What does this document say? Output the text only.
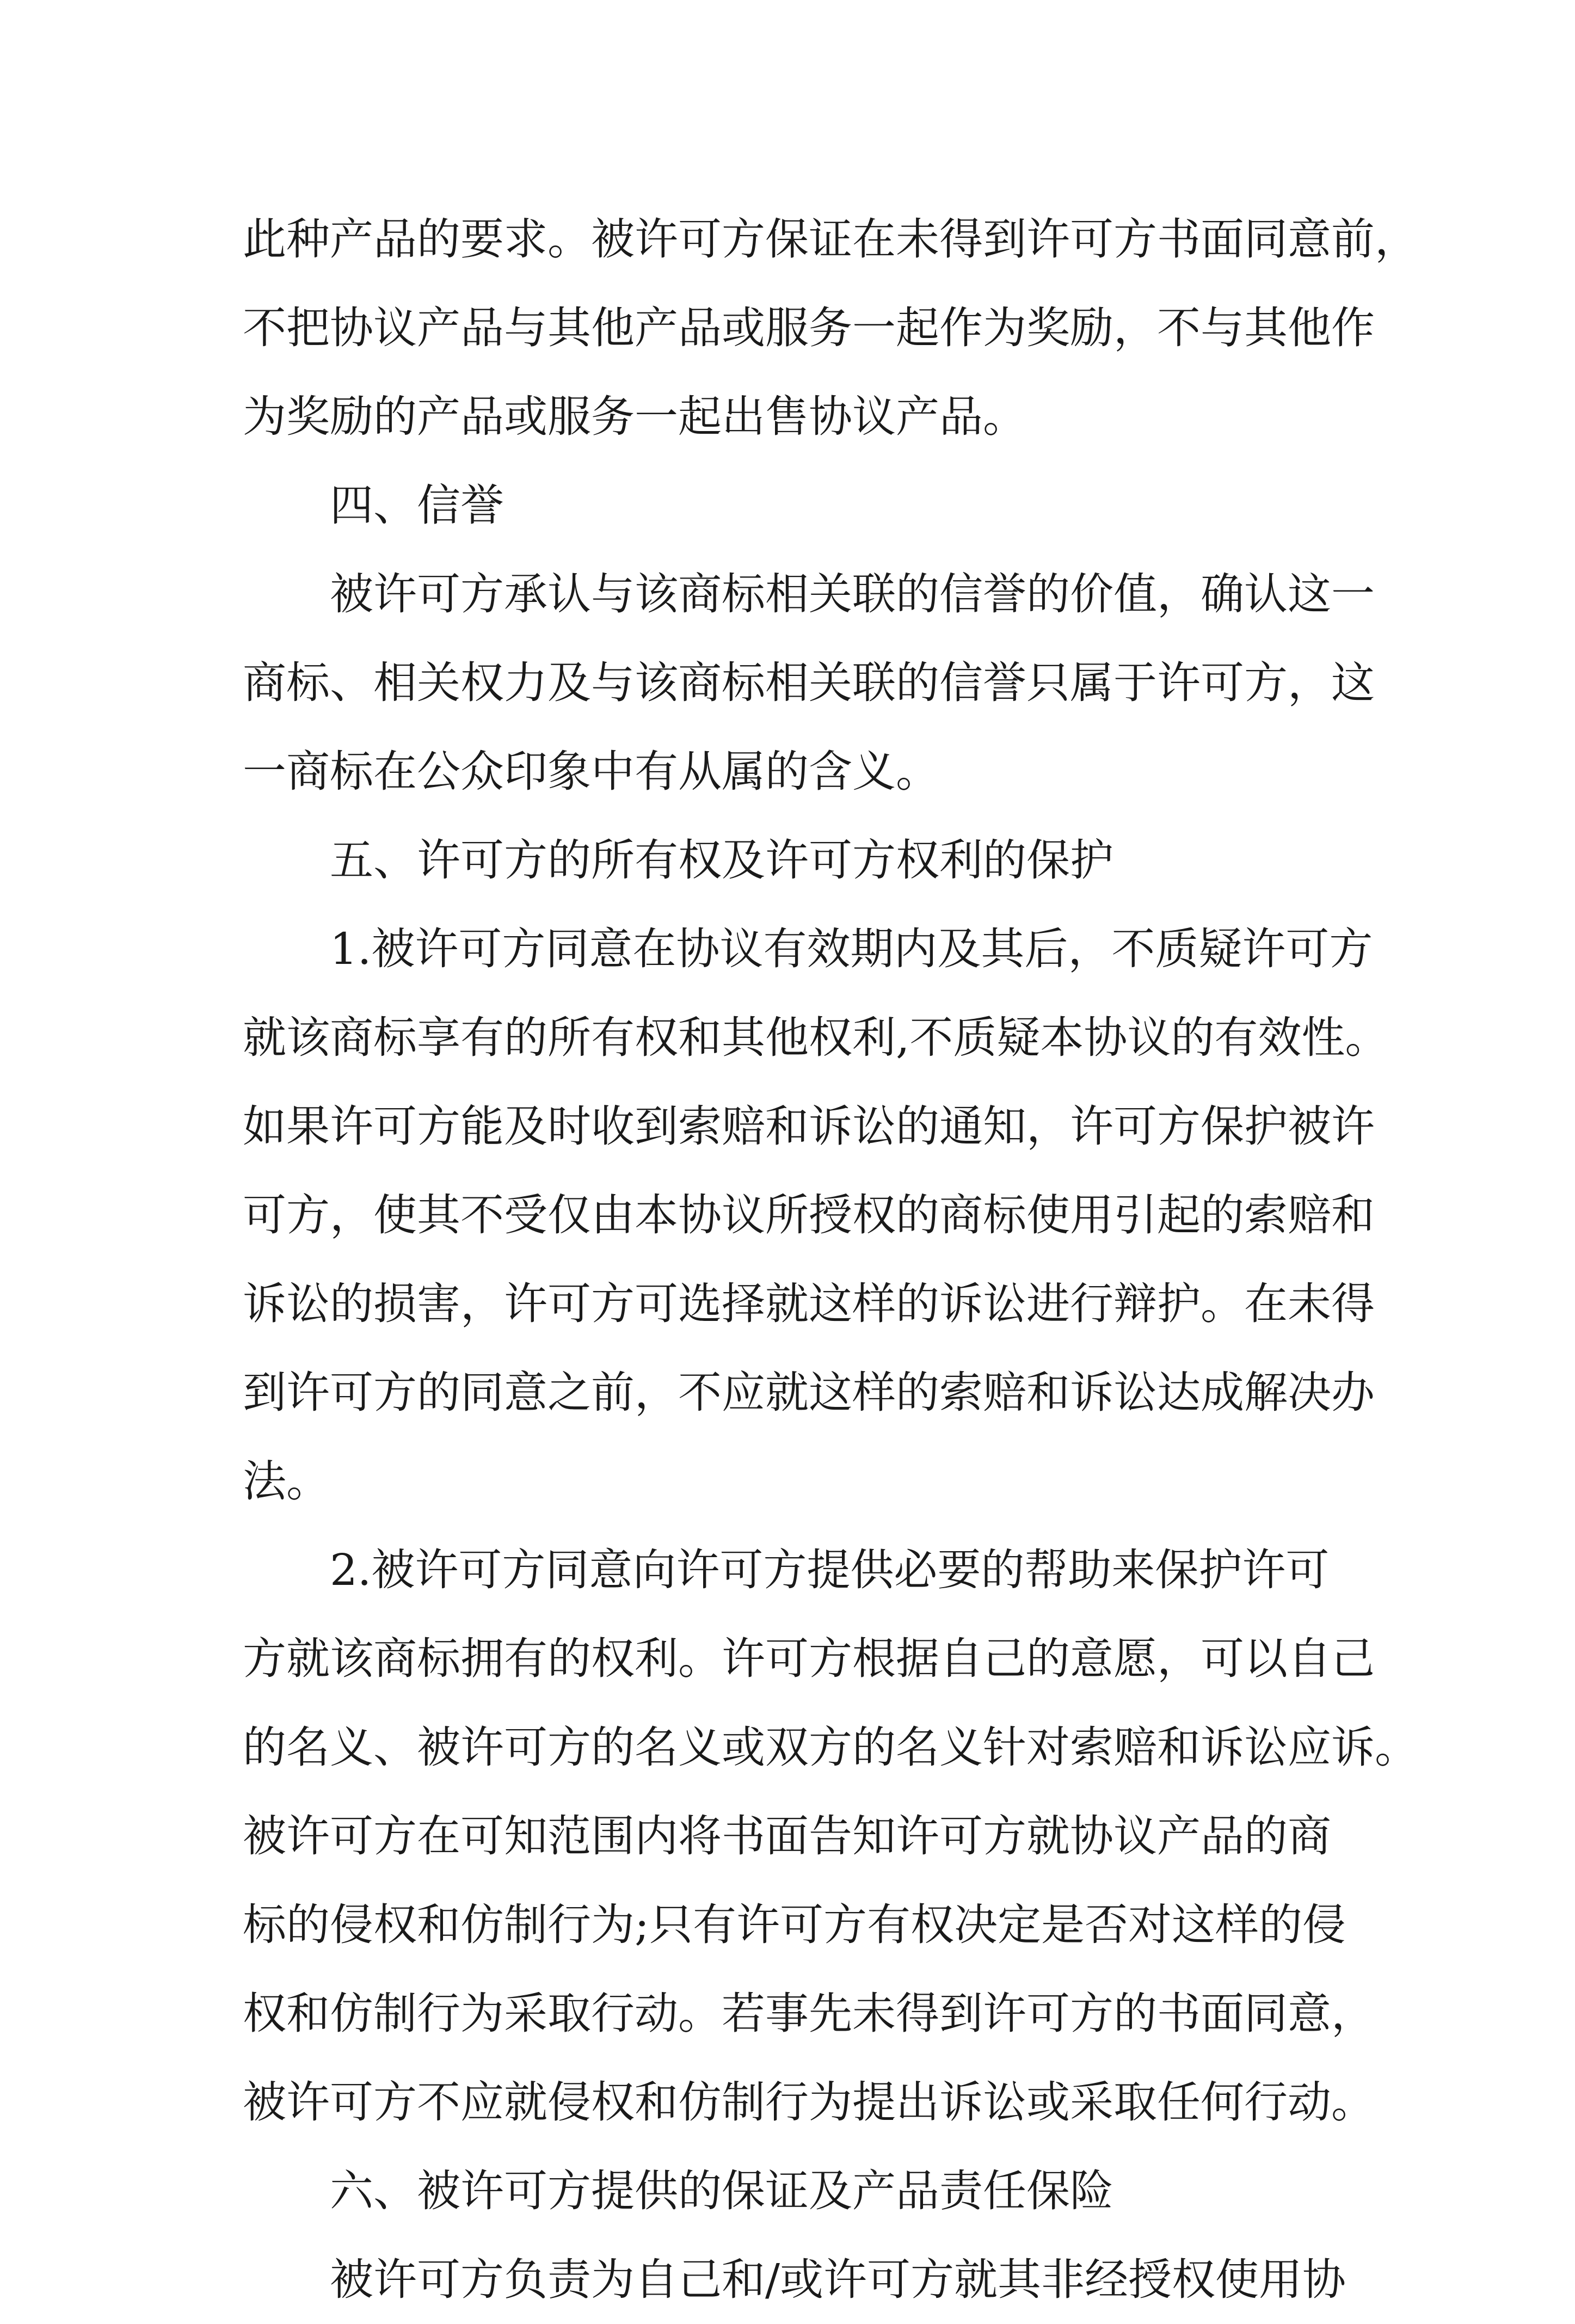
此种产品的要求。被许可方保证在未得到许可方书面同意前，
不把协议产品与其他产品或服务一起作为奖励，不与其他作
为奖励的产品或服务一起出售协议产品。
四、信誉
被许可方承认与该商标相关联的信誉的价值，确认这一
商标、相关权力及与该商标相关联的信誉只属于许可方，这
一商标在公众印象中有从属的含义。
五、许可方的所有权及许可方权利的保护
1.被许可方同意在协议有效期内及其后，不质疑许可方
就该商标享有的所有权和其他权利,不质疑本协议的有效性。
如果许可方能及时收到索赔和诉讼的通知，许可方保护被许
可方，使其不受仅由本协议所授权的商标使用引起的索赔和
诉讼的损害，许可方可选择就这样的诉讼进行辩护。在未得
到许可方的同意之前，不应就这样的索赔和诉讼达成解决办
法。
2.被许可方同意向许可方提供必要的帮助来保护许可
方就该商标拥有的权利。许可方根据自己的意愿，可以自己
的名义、被许可方的名义或双方的名义针对索赔和诉讼应诉。
被许可方在可知范围内将书面告知许可方就协议产品的商
标的侵权和仿制行为;只有许可方有权决定是否对这样的侵
权和仿制行为采取行动。若事先未得到许可方的书面同意，
被许可方不应就侵权和仿制行为提出诉讼或采取任何行动。
六、被许可方提供的保证及产品责任保险
被许可方负责为自己和/或许可方就其非经授权使用协
